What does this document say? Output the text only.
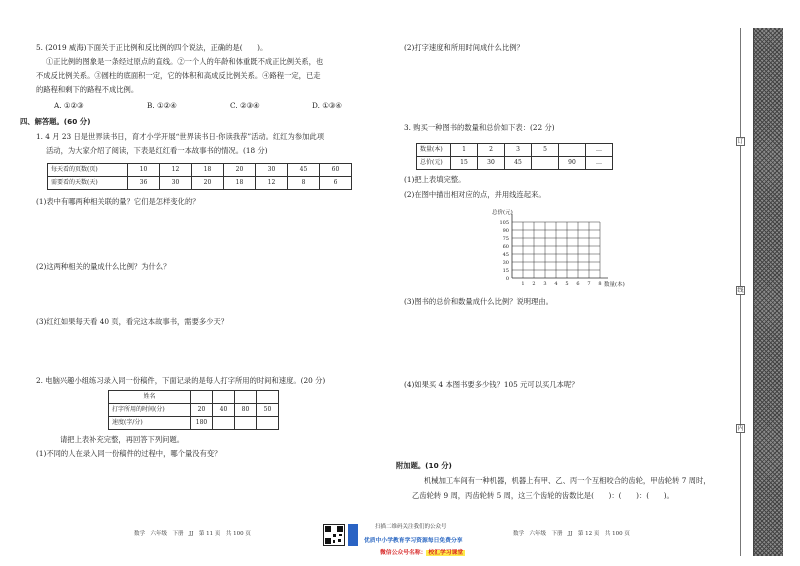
5. (2019 威海)下面关于正比例和反比例的四个说法，正确的是(　　)。
①正比例的图象是一条经过原点的直线。②一个人的年龄和体重既不成正比例关系，也
不成反比例关系。③圆柱的底面积一定，它的体积和高成反比例关系。④路程一定，已走
的路程和剩下的路程不成比例。
A. ①②③	B. ①②④	C. ②③④	D. ①③④
四、解答题。(60 分)
1. 4 月 23 日是世界读书日，育才小学开展“世界读书日·你读我荐”活动。红红为参加此项
活动，为大家介绍了阅读，下表是红红看一本故事书的情况。(18 分)
每天看的页数(页)	10	12	18	20	30	45	60
需要看的天数(天)	36	30	20	18	12	8	6
(1)表中有哪两种相关联的量？它们是怎样变化的？
(2)这两种相关的量成什么比例？为什么？
(3)红红如果每天看 40 页，看完这本故事书，需要多少天？
2. 电脑兴趣小组练习录入同一份稿件，下面记录的是每人打字所用的时间和速度。(20 分)
姓名				
打字所用的时间(分)	20	40	80	50
速度(字/分)	180			
请把上表补充完整，再回答下列问题。
(1)不同的人在录入同一份稿件的过程中，哪个量没有变？
数学　六年级　下册　JJ　第 11 页　共 100 页
扫描二维码关注我们的公众号
优质中小学教育学习资源每日免费分享
微信公众号名称： 校汇学习课堂
(2)打字速度和所用时间成什么比例？
3. 购买一种图书的数量和总价如下表：(22 分)
数量(本)	1	2	3	5		…
总价(元)	15	30	45		90	…
(1)把上表填完整。
(2)在图中描出相对应的点，并用线连起来。
0
15
30
45
60
75
90
105
1 2 3 4 5 6 7 8
总价(元)
数量(本)
(3)图书的总价和数量成什么比例？说明理由。
(4)如果买 4 本图书要多少钱？105 元可以买几本呢？
附加题。(10 分)
机械加工车间有一种机器，机器上有甲、乙、丙一个互相咬合的齿轮，甲齿轮转 7 周时，
乙齿轮转 9 周，丙齿轮转 5 周，这三个齿轮的齿数比是(　　)：(　　)：(　　)。
数学　六年级　下册　JJ　第 12 页　共 100 页
订
线
内
